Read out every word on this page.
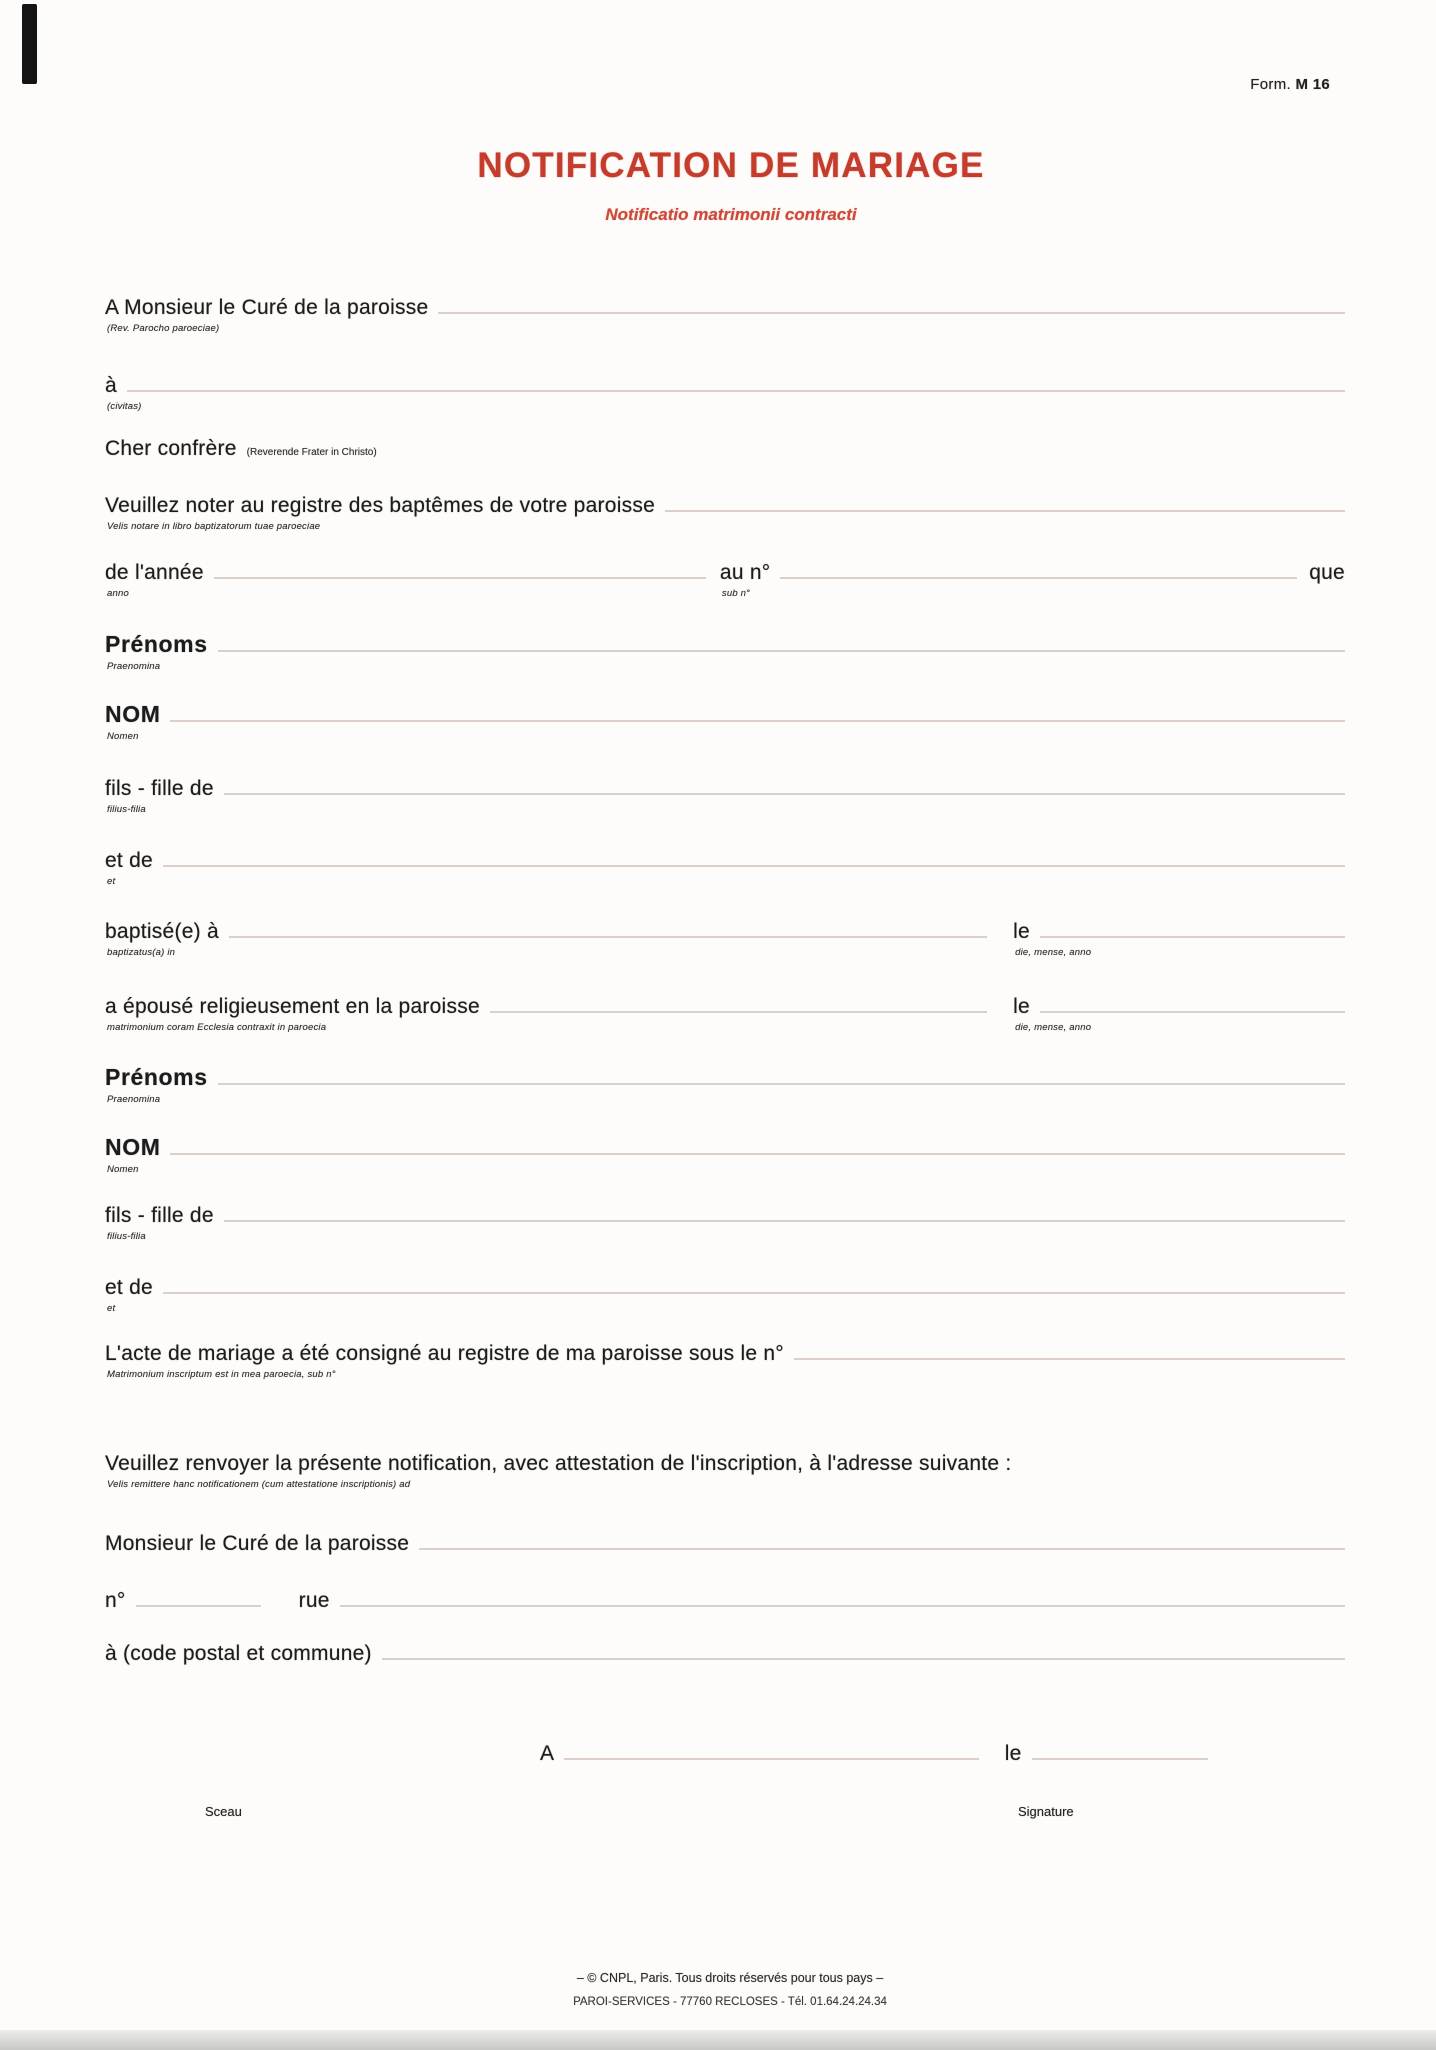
Form. M 16
NOTIFICATION DE MARIAGE
Notificatio matrimonii contracti
A Monsieur le Curé de la paroisse
(Rev. Parocho paroeciae)
à
(civitas)
Cher confrère (Reverende Frater in Christo)
Veuillez noter au registre des baptêmes de votre paroisse
Velis notare in libro baptizatorum tuae paroeciae
de l'année
anno
au n°
sub n°
que
Prénoms
Praenomina
NOM
Nomen
fils - fille de
filius-filia
et de
et
baptisé(e) à
baptizatus(a) in
le
die, mense, anno
a épousé religieusement en la paroisse
matrimonium coram Ecclesia contraxit in paroecia
le
die, mense, anno
Prénoms
Praenomina
NOM
Nomen
fils - fille de
filius-filia
et de
et
L'acte de mariage a été consigné au registre de ma paroisse sous le n°
Matrimonium inscriptum est in mea paroecia, sub n°
Veuillez renvoyer la présente notification, avec attestation de l'inscription, à l'adresse suivante :
Velis remittere hanc notificationem (cum attestatione inscriptionis) ad
Monsieur le Curé de la paroisse
n°	rue
à (code postal et commune)
A	le
Sceau	Signature
– © CNPL, Paris. Tous droits réservés pour tous pays –
PAROI-SERVICES - 77760 RECLOSES - Tél. 01.64.24.24.34
